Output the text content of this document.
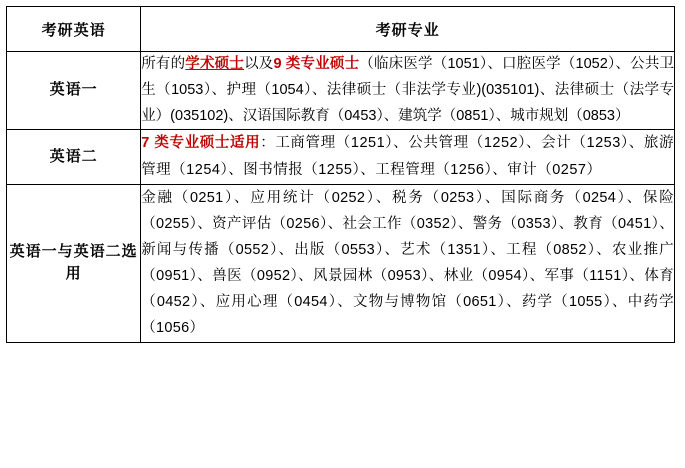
考研英语	考研专业
英语一	所有的学术硕士以及9 类专业硕士（临床医学（1051）、口腔医学（1052）、公共卫生（1053）、护理（1054）、法律硕士（非法学专业)(035101)、法律硕士（法学专业）(035102)、汉语国际教育（0453）、建筑学（0851）、城市规划（0853）
英语二	7 类专业硕士适用：工商管理（1251）、公共管理（1252）、会计（1253）、旅游管理（1254）、图书情报（1255）、工程管理（1256）、审计（0257）
英语一与英语二选用	金融（0251）、应用统计（0252）、税务（0253）、国际商务（0254）、保险（0255）、资产评估（0256）、社会工作（0352）、警务（0353）、教育（0451）、新闻与传播（0552）、出版（0553）、艺术（1351）、工程（0852）、农业推广（0951）、兽医（0952）、风景园林（0953）、林业（0954）、军事（1151）、体育（0452）、应用心理（0454）、文物与博物馆（0651）、药学（1055）、中药学（1056）
